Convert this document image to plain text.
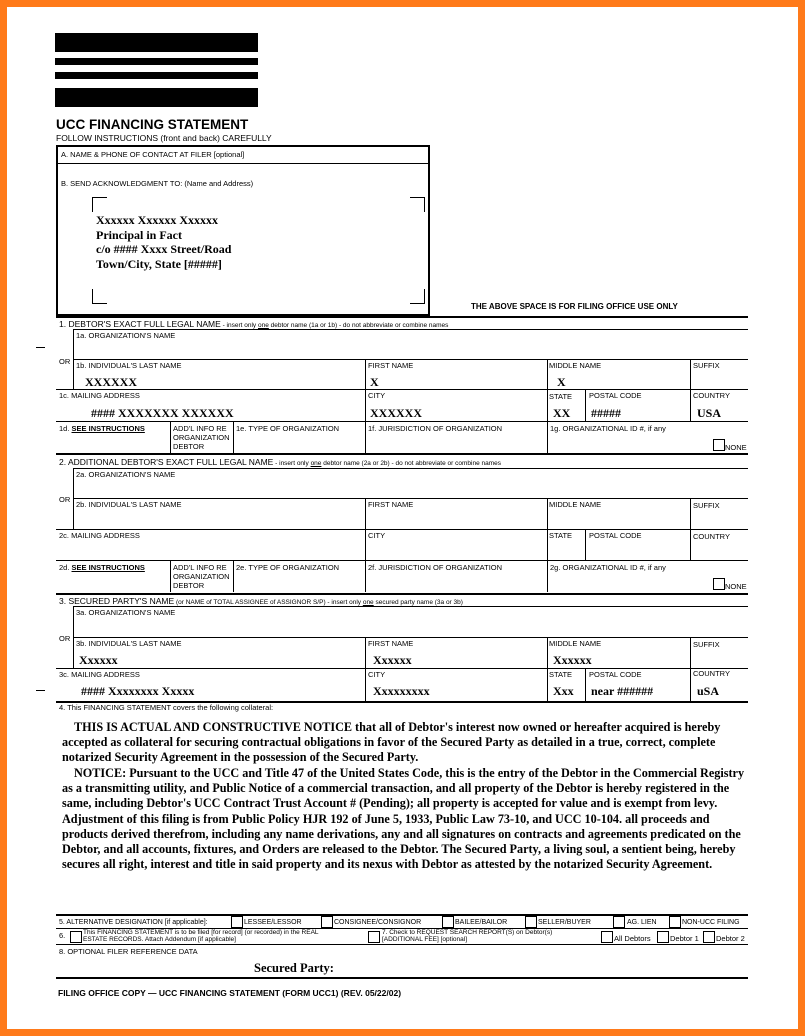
UCC FINANCING STATEMENT
FOLLOW INSTRUCTIONS (front and back) CAREFULLY
A. NAME & PHONE OF CONTACT AT FILER [optional]
B. SEND ACKNOWLEDGMENT TO: (Name and Address)
Xxxxxx Xxxxxx Xxxxxx
Principal in Fact
c/o #### Xxxx Street/Road
Town/City, State [#####]
THE ABOVE SPACE IS FOR FILING OFFICE USE ONLY
1. DEBTOR'S EXACT FULL LEGAL NAME - insert only one debtor name (1a or 1b) - do not abbreviate or combine names
1a. ORGANIZATION'S NAME
OR 1b. INDIVIDUAL'S LAST NAME	FIRST NAME	MIDDLE NAME	SUFFIX
XXXXXX	X	X
1c. MAILING ADDRESS	CITY	STATE POSTAL CODE	COUNTRY
#### XXXXXXX XXXXXX	XXXXXX	XX #####	USA
1d. SEE INSTRUCTIONS	ADD'L INFO RE
ORGANIZATION
DEBTOR
1e. TYPE OF ORGANIZATION	1f. JURISDICTION OF ORGANIZATION	1g. ORGANIZATIONAL ID #, if any
NONE
2. ADDITIONAL DEBTOR'S EXACT FULL LEGAL NAME - insert only one debtor name (2a or 2b) - do not abbreviate or combine names
2a. ORGANIZATION'S NAME
OR
2b. INDIVIDUAL'S LAST NAME	FIRST NAME	MIDDLE NAME	SUFFIX
2c. MAILING ADDRESS	CITY	STATE POSTAL CODE	COUNTRY
2d. SEE INSTRUCTIONS	ADD'L INFO RE
ORGANIZATION
DEBTOR
2e. TYPE OF ORGANIZATION	2f. JURISDICTION OF ORGANIZATION	2g. ORGANIZATIONAL ID #, if any
NONE
3. SECURED PARTY'S NAME (or NAME of TOTAL ASSIGNEE of ASSIGNOR S/P) - insert only one secured party name (3a or 3b)
3a. ORGANIZATION'S NAME
OR
3b. INDIVIDUAL'S LAST NAME	FIRST NAME	MIDDLE NAME	SUFFIX
Xxxxxx	Xxxxxx	Xxxxxx
3c. MAILING ADDRESS	CITY	STATE POSTAL CODE	COUNTRY
#### Xxxxxxxx Xxxxx	Xxxxxxxxx	Xxx near ######	uSA
4. This FINANCING STATEMENT covers the following collateral:
THIS IS ACTUAL AND CONSTRUCTIVE NOTICE that all of Debtor's interest now owned or hereafter acquired is hereby accepted as collateral for securing contractual obligations in favor of the Secured Party as detailed in a true, correct, complete notarized Security Agreement in the possession of the Secured Party.
NOTICE: Pursuant to the UCC and Title 47 of the United States Code, this is the entry of the Debtor in the Commercial Registry as a transmitting utility, and Public Notice of a commercial transaction, and all property of the Debtor is hereby registered in the same, including Debtor's UCC Contract Trust Account # (Pending); all property is accepted for value and is exempt from levy. Adjustment of this filing is from Public Policy HJR 192 of June 5, 1933, Public Law 73-10, and UCC 10-104. all proceeds and products derived therefrom, including any name derivations, any and all signatures on contracts and agreements predicated on the Debtor, and all accounts, fixtures, and Orders are released to the Debtor. The Secured Party, a living soul, a sentient being, hereby secures all right, interest and title in said property and its nexus with Debtor as attested by the notarized Security Agreement.
5. ALTERNATIVE DESIGNATION [if applicable]:	LESSEE/LESSOR	CONSIGNEE/CONSIGNOR	BAILEE/BAILOR	SELLER/BUYER	AG. LIEN	NON-UCC FILING
6.	This FINANCING STATEMENT is to be filed [for record] (or recorded) in the REAL
ESTATE RECORDS. Attach Addendum [if applicable]
7. Check to REQUEST SEARCH REPORT(S) on Debtor(s)
[ADDITIONAL FEE] [optional]	All Debtors	Debtor 1 Debtor 2
8. OPTIONAL FILER REFERENCE DATA
Secured Party:
FILING OFFICE COPY — UCC FINANCING STATEMENT (FORM UCC1) (REV. 05/22/02)
